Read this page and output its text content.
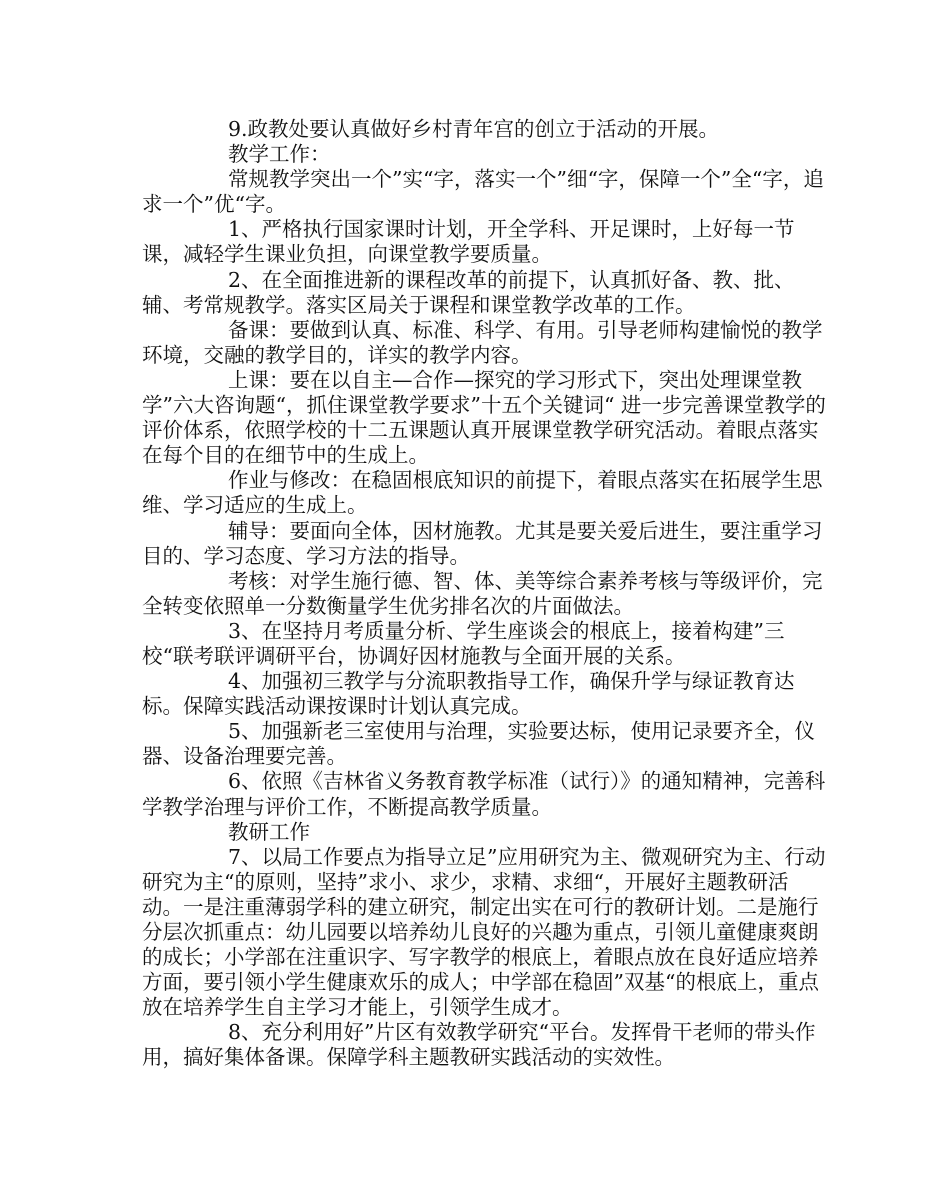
9.政教处要认真做好乡村青年宫的创立于活动的开展。

教学工作：

常规教学突出一个”实“字，落实一个”细“字，保障一个”全“字，追求一个”优“字。

1、严格执行国家课时计划，开全学科、开足课时，上好每一节课，减轻学生课业负担，向课堂教学要质量。

2、在全面推进新的课程改革的前提下，认真抓好备、教、批、辅、考常规教学。落实区局关于课程和课堂教学改革的工作。

备课：要做到认真、标准、科学、有用。引导老师构建愉悦的教学环境，交融的教学目的，详实的教学内容。

上课：要在以自主—合作—探究的学习形式下，突出处理课堂教学”六大咨询题“，抓住课堂教学要求”十五个关键词“ 进一步完善课堂教学的评价体系，依照学校的十二五课题认真开展课堂教学研究活动。着眼点落实在每个目的在细节中的生成上。

作业与修改：在稳固根底知识的前提下，着眼点落实在拓展学生思维、学习适应的生成上。

辅导：要面向全体，因材施教。尤其是要关爱后进生，要注重学习目的、学习态度、学习方法的指导。

考核：对学生施行德、智、体、美等综合素养考核与等级评价，完全转变依照单一分数衡量学生优劣排名次的片面做法。

3、在坚持月考质量分析、学生座谈会的根底上，接着构建”三校“联考联评调研平台，协调好因材施教与全面开展的关系。

4、加强初三教学与分流职教指导工作，确保升学与绿证教育达标。保障实践活动课按课时计划认真完成。

5、加强新老三室使用与治理，实验要达标，使用记录要齐全，仪器、设备治理要完善。

6、依照《吉林省义务教育教学标准（试行）》的通知精神，完善科学教学治理与评价工作，不断提高教学质量。

教研工作

7、以局工作要点为指导立足”应用研究为主、微观研究为主、行动研究为主“的原则，坚持”求小、求少，求精、求细“，开展好主题教研活动。一是注重薄弱学科的建立研究，制定出实在可行的教研计划。二是施行分层次抓重点：幼儿园要以培养幼儿良好的兴趣为重点，引领儿童健康爽朗的成长；小学部在注重识字、写字教学的根底上，着眼点放在良好适应培养方面，要引领小学生健康欢乐的成人；中学部在稳固”双基“的根底上，重点放在培养学生自主学习才能上，引领学生成才。

8、充分利用好”片区有效教学研究“平台。发挥骨干老师的带头作用，搞好集体备课。保障学科主题教研实践活动的实效性。
